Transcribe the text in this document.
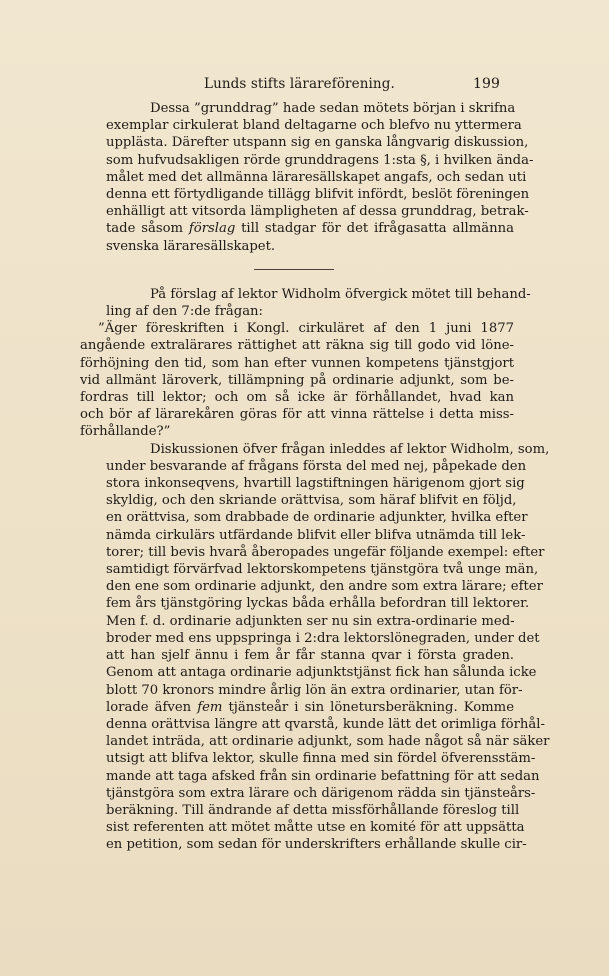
Lunds stifts lärareförening.	199
Dessa ”grunddrag” hade sedan mötets början i skrifna
exemplar cirkulerat bland deltagarne och blefvo nu yttermera
upplästa. Därefter utspann sig en ganska långvarig diskussion,
som hufvudsakligen rörde grunddragens 1:sta §, i hvilken ända-
målet med det allmänna läraresällskapet angafs, och sedan uti
denna ett förtydligande tillägg blifvit infördt, beslöt föreningen
enhälligt att vitsorda lämpligheten af dessa grunddrag, betrak-
tade såsom förslag till stadgar för det ifrågasatta allmänna
svenska läraresällskapet.
På förslag af lektor Widholm öfvergick mötet till behand-
ling af den 7:de frågan:
”Äger föreskriften i Kongl. cirkuläret af den 1 juni 1877
angående extralärares rättighet att räkna sig till godo vid löne-
förhöjning den tid, som han efter vunnen kompetens tjänstgjort
vid allmänt läroverk, tillämpning på ordinarie adjunkt, som be-
fordras till lektor; och om så icke är förhållandet, hvad kan
och bör af lärarekåren göras för att vinna rättelse i detta miss-
förhållande?”
Diskussionen öfver frågan inleddes af lektor Widholm, som,
under besvarande af frågans första del med nej, påpekade den
stora inkonseqvens, hvartill lagstiftningen härigenom gjort sig
skyldig, och den skriande orättvisa, som häraf blifvit en följd,
en orättvisa, som drabbade de ordinarie adjunkter, hvilka efter
nämda cirkulärs utfärdande blifvit eller blifva utnämda till lek-
torer; till bevis hvarå åberopades ungefär följande exempel: efter
samtidigt förvärfvad lektorskompetens tjänstgöra två unge män,
den ene som ordinarie adjunkt, den andre som extra lärare; efter
fem års tjänstgöring lyckas båda erhålla befordran till lektorer.
Men f. d. ordinarie adjunkten ser nu sin extra-ordinarie med-
broder med ens uppspringa i 2:dra lektorslönegraden, under det
att han sjelf ännu i fem år får stanna qvar i första graden.
Genom att antaga ordinarie adjunktstjänst fick han sålunda icke
blott 70 kronors mindre årlig lön än extra ordinarier, utan för-
lorade äfven fem tjänsteår i sin lönetursberäkning. Komme
denna orättvisa längre att qvarstå, kunde lätt det orimliga förhål-
landet inträda, att ordinarie adjunkt, som hade något så när säker
utsigt att blifva lektor, skulle finna med sin fördel öfverensstäm-
mande att taga afsked från sin ordinarie befattning för att sedan
tjänstgöra som extra lärare och därigenom rädda sin tjänsteårs-
beräkning. Till ändrande af detta missförhållande föreslog till
sist referenten att mötet måtte utse en komité för att uppsätta
en petition, som sedan för underskrifters erhållande skulle cir-
